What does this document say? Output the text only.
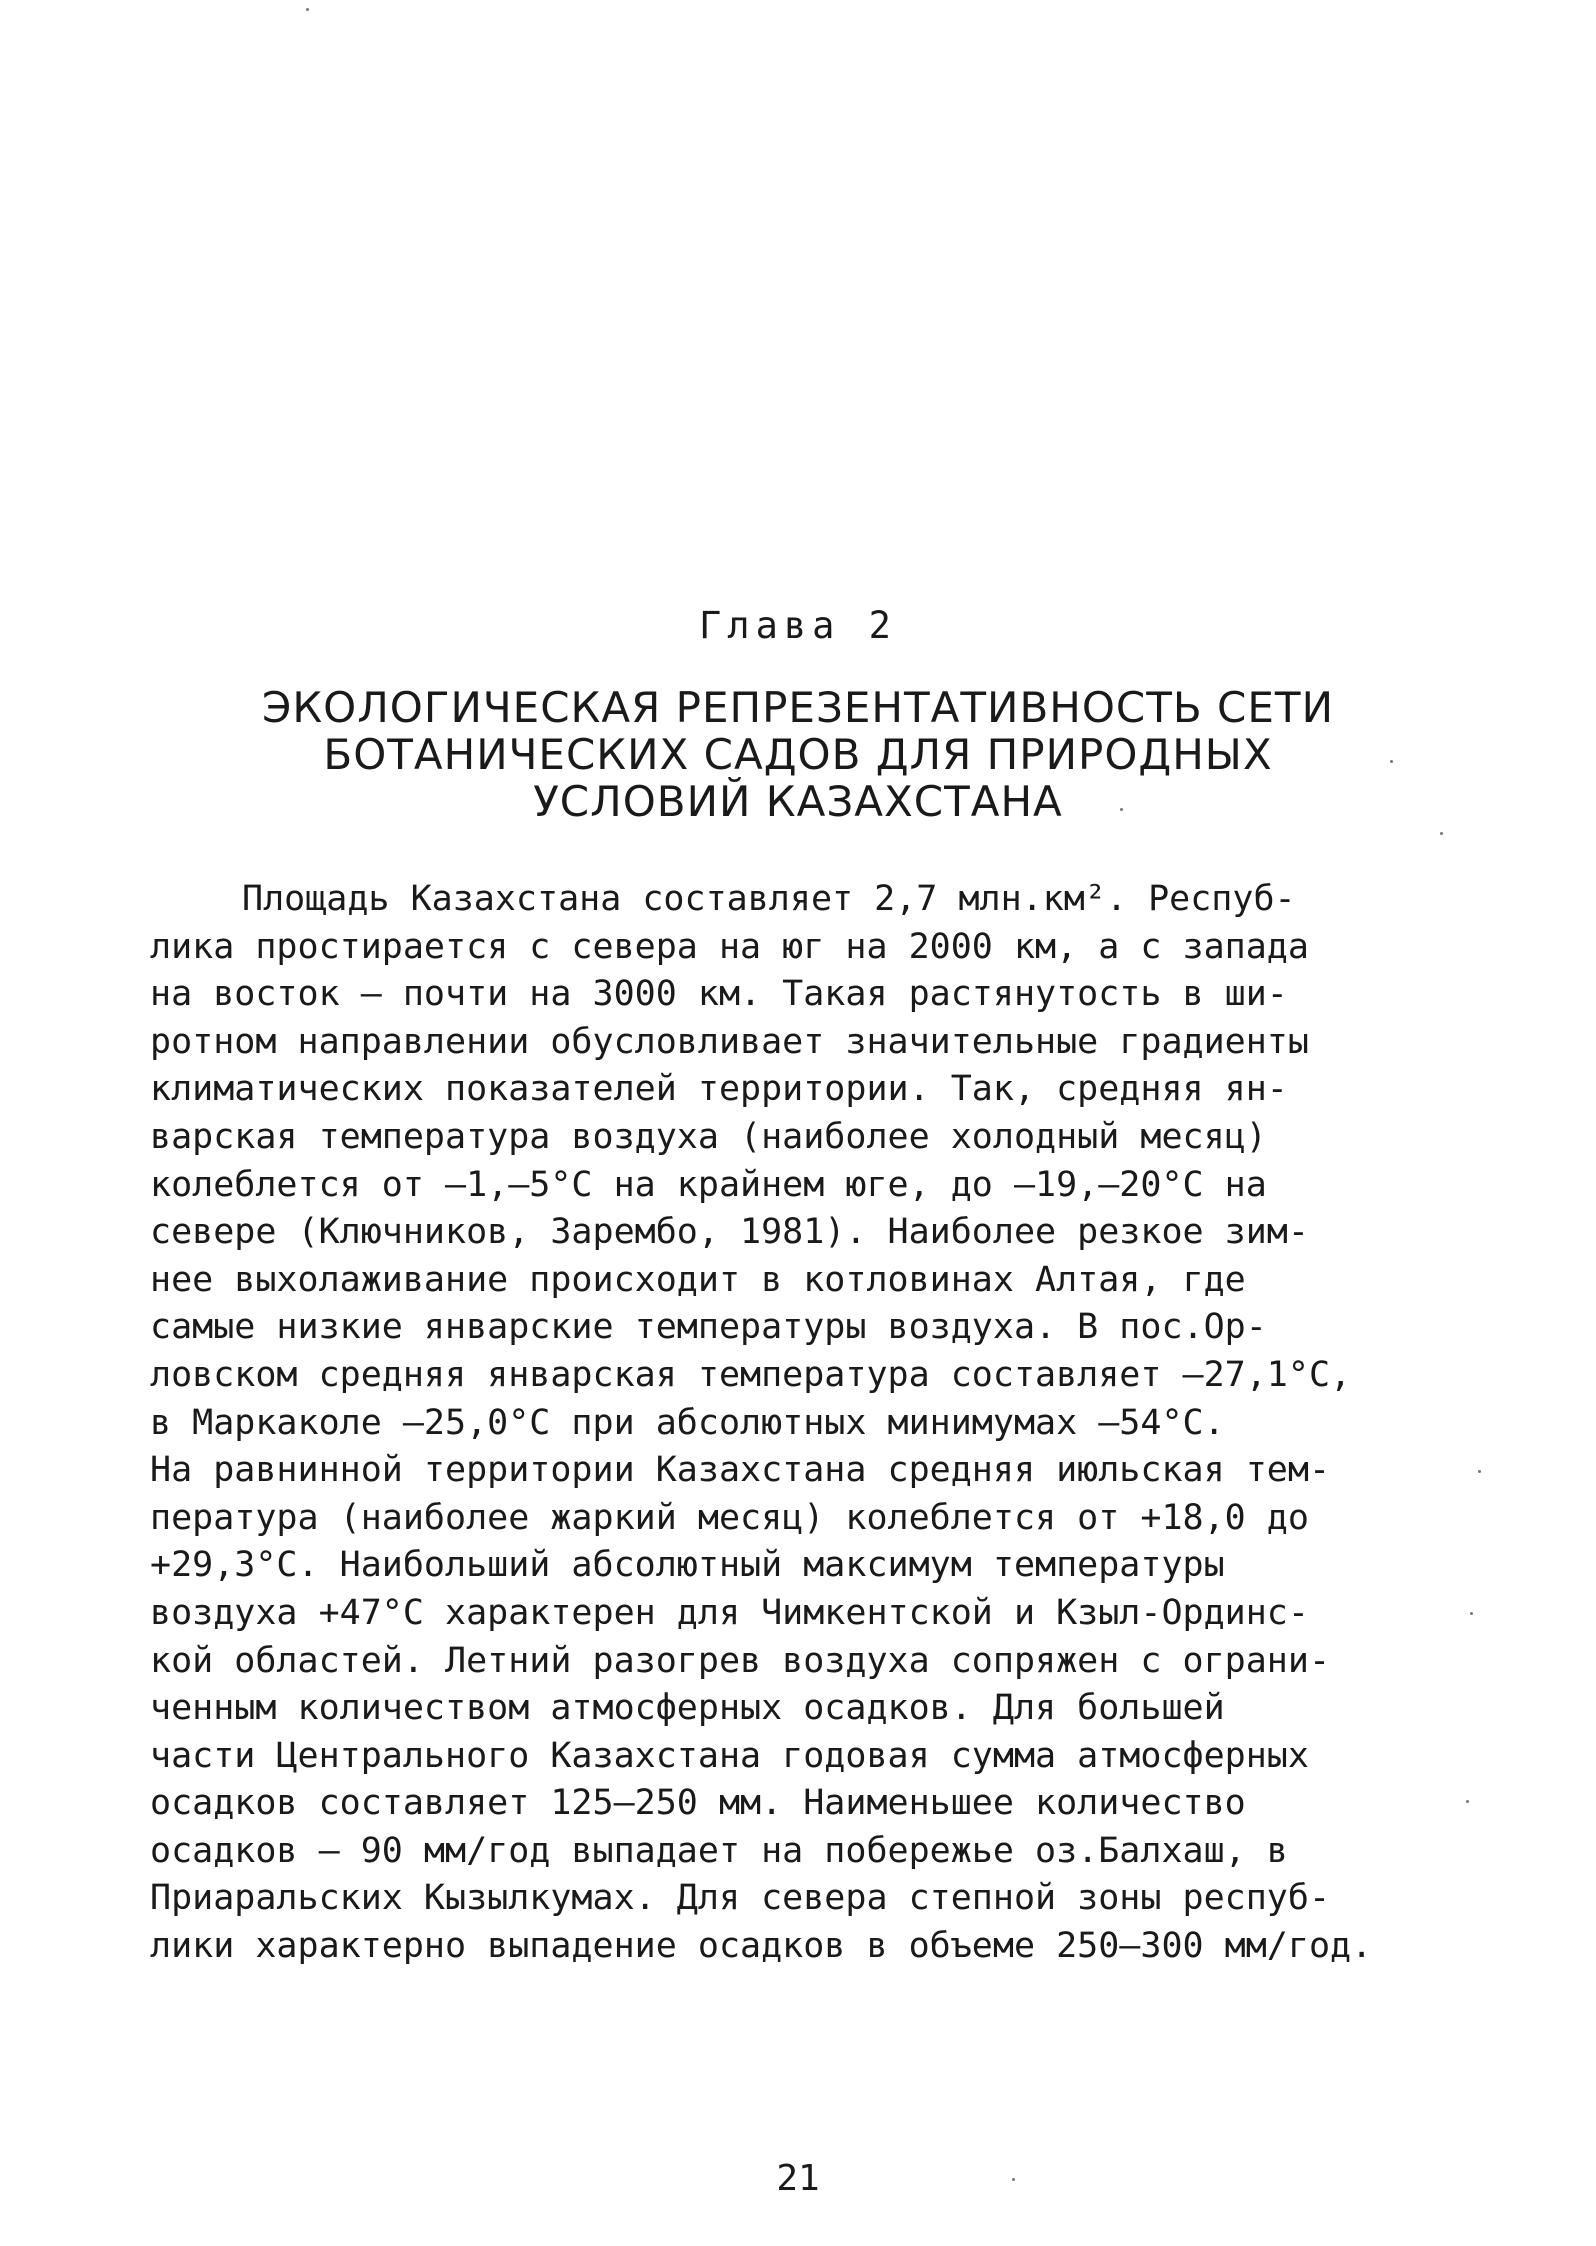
Глава 2
ЭКОЛОГИЧЕСКАЯ РЕПРЕЗЕНТАТИВНОСТЬ СЕТИ
БОТАНИЧЕСКИХ САДОВ ДЛЯ ПРИРОДНЫХ
УСЛОВИЙ КАЗАХСТАНА
Площадь Казахстана составляет 2,7 млн.км². Респуб-
лика простирается с севера на юг на 2000 км, а с запада
на восток – почти на 3000 км. Такая растянутость в ши-
ротном направлении обусловливает значительные градиенты
климатических показателей территории. Так, средняя ян-
варская температура воздуха (наиболее холодный месяц)
колеблется от –1,–5°С на крайнем юге, до –19,–20°С на
севере (Ключников, Зарембо, 1981). Наиболее резкое зим-
нее выхолаживание происходит в котловинах Алтая, где
самые низкие январские температуры воздуха. В пос.Ор-
ловском средняя январская температура составляет –27,1°С,
в Маркаколе –25,0°С при абсолютных минимумах –54°С.
На равнинной территории Казахстана средняя июльская тем-
пература (наиболее жаркий месяц) колеблется от +18,0 до
+29,3°С. Наибольший абсолютный максимум температуры
воздуха +47°С характерен для Чимкентской и Кзыл-Ординс-
кой областей. Летний разогрев воздуха сопряжен с ограни-
ченным количеством атмосферных осадков. Для большей
части Центрального Казахстана годовая сумма атмосферных
осадков составляет 125–250 мм. Наименьшее количество
осадков – 90 мм/год выпадает на побережье оз.Балхаш, в
Приаральских Кызылкумах. Для севера степной зоны респуб-
лики характерно выпадение осадков в объеме 250–300 мм/год.
21
